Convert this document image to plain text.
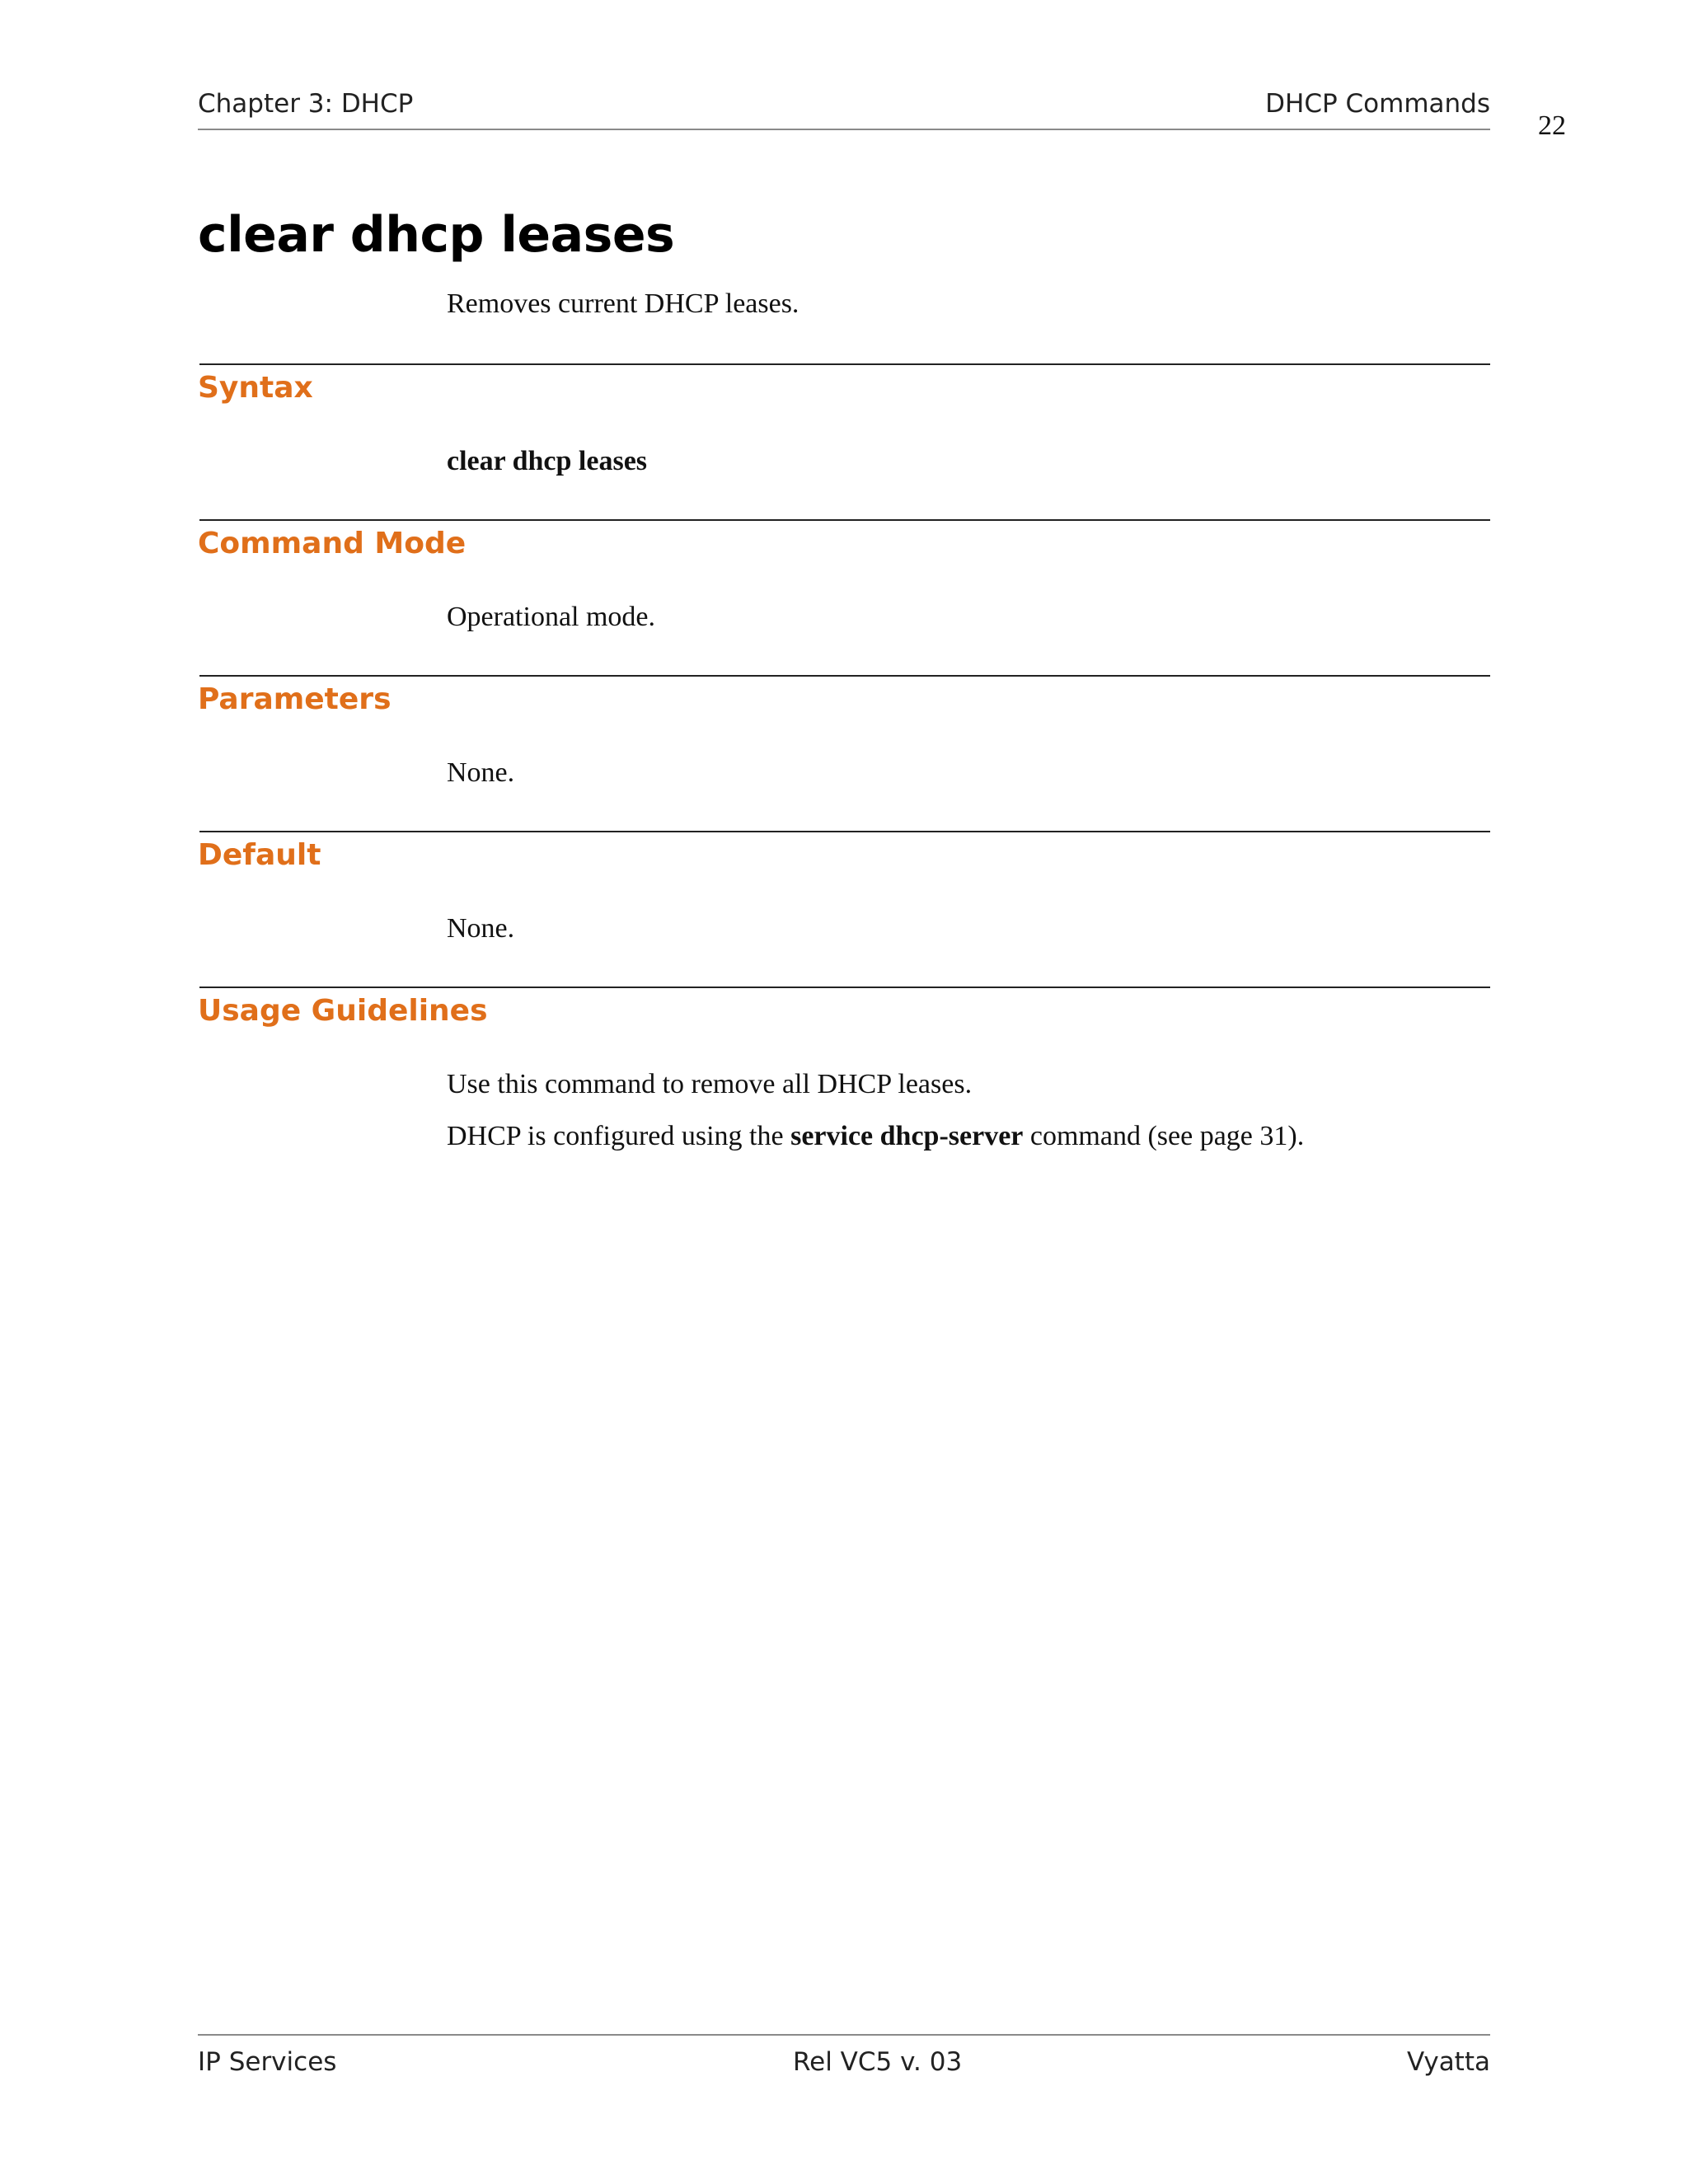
Chapter 3: DHCP	DHCP Commands
22
clear dhcp leases
Removes current DHCP leases.
Syntax
clear dhcp leases
Command Mode
Operational mode.
Parameters
None.
Default
None.
Usage Guidelines
Use this command to remove all DHCP leases.
DHCP is configured using the service dhcp-server command (see page 31).
IP Services	Rel VC5 v. 03	Vyatta
